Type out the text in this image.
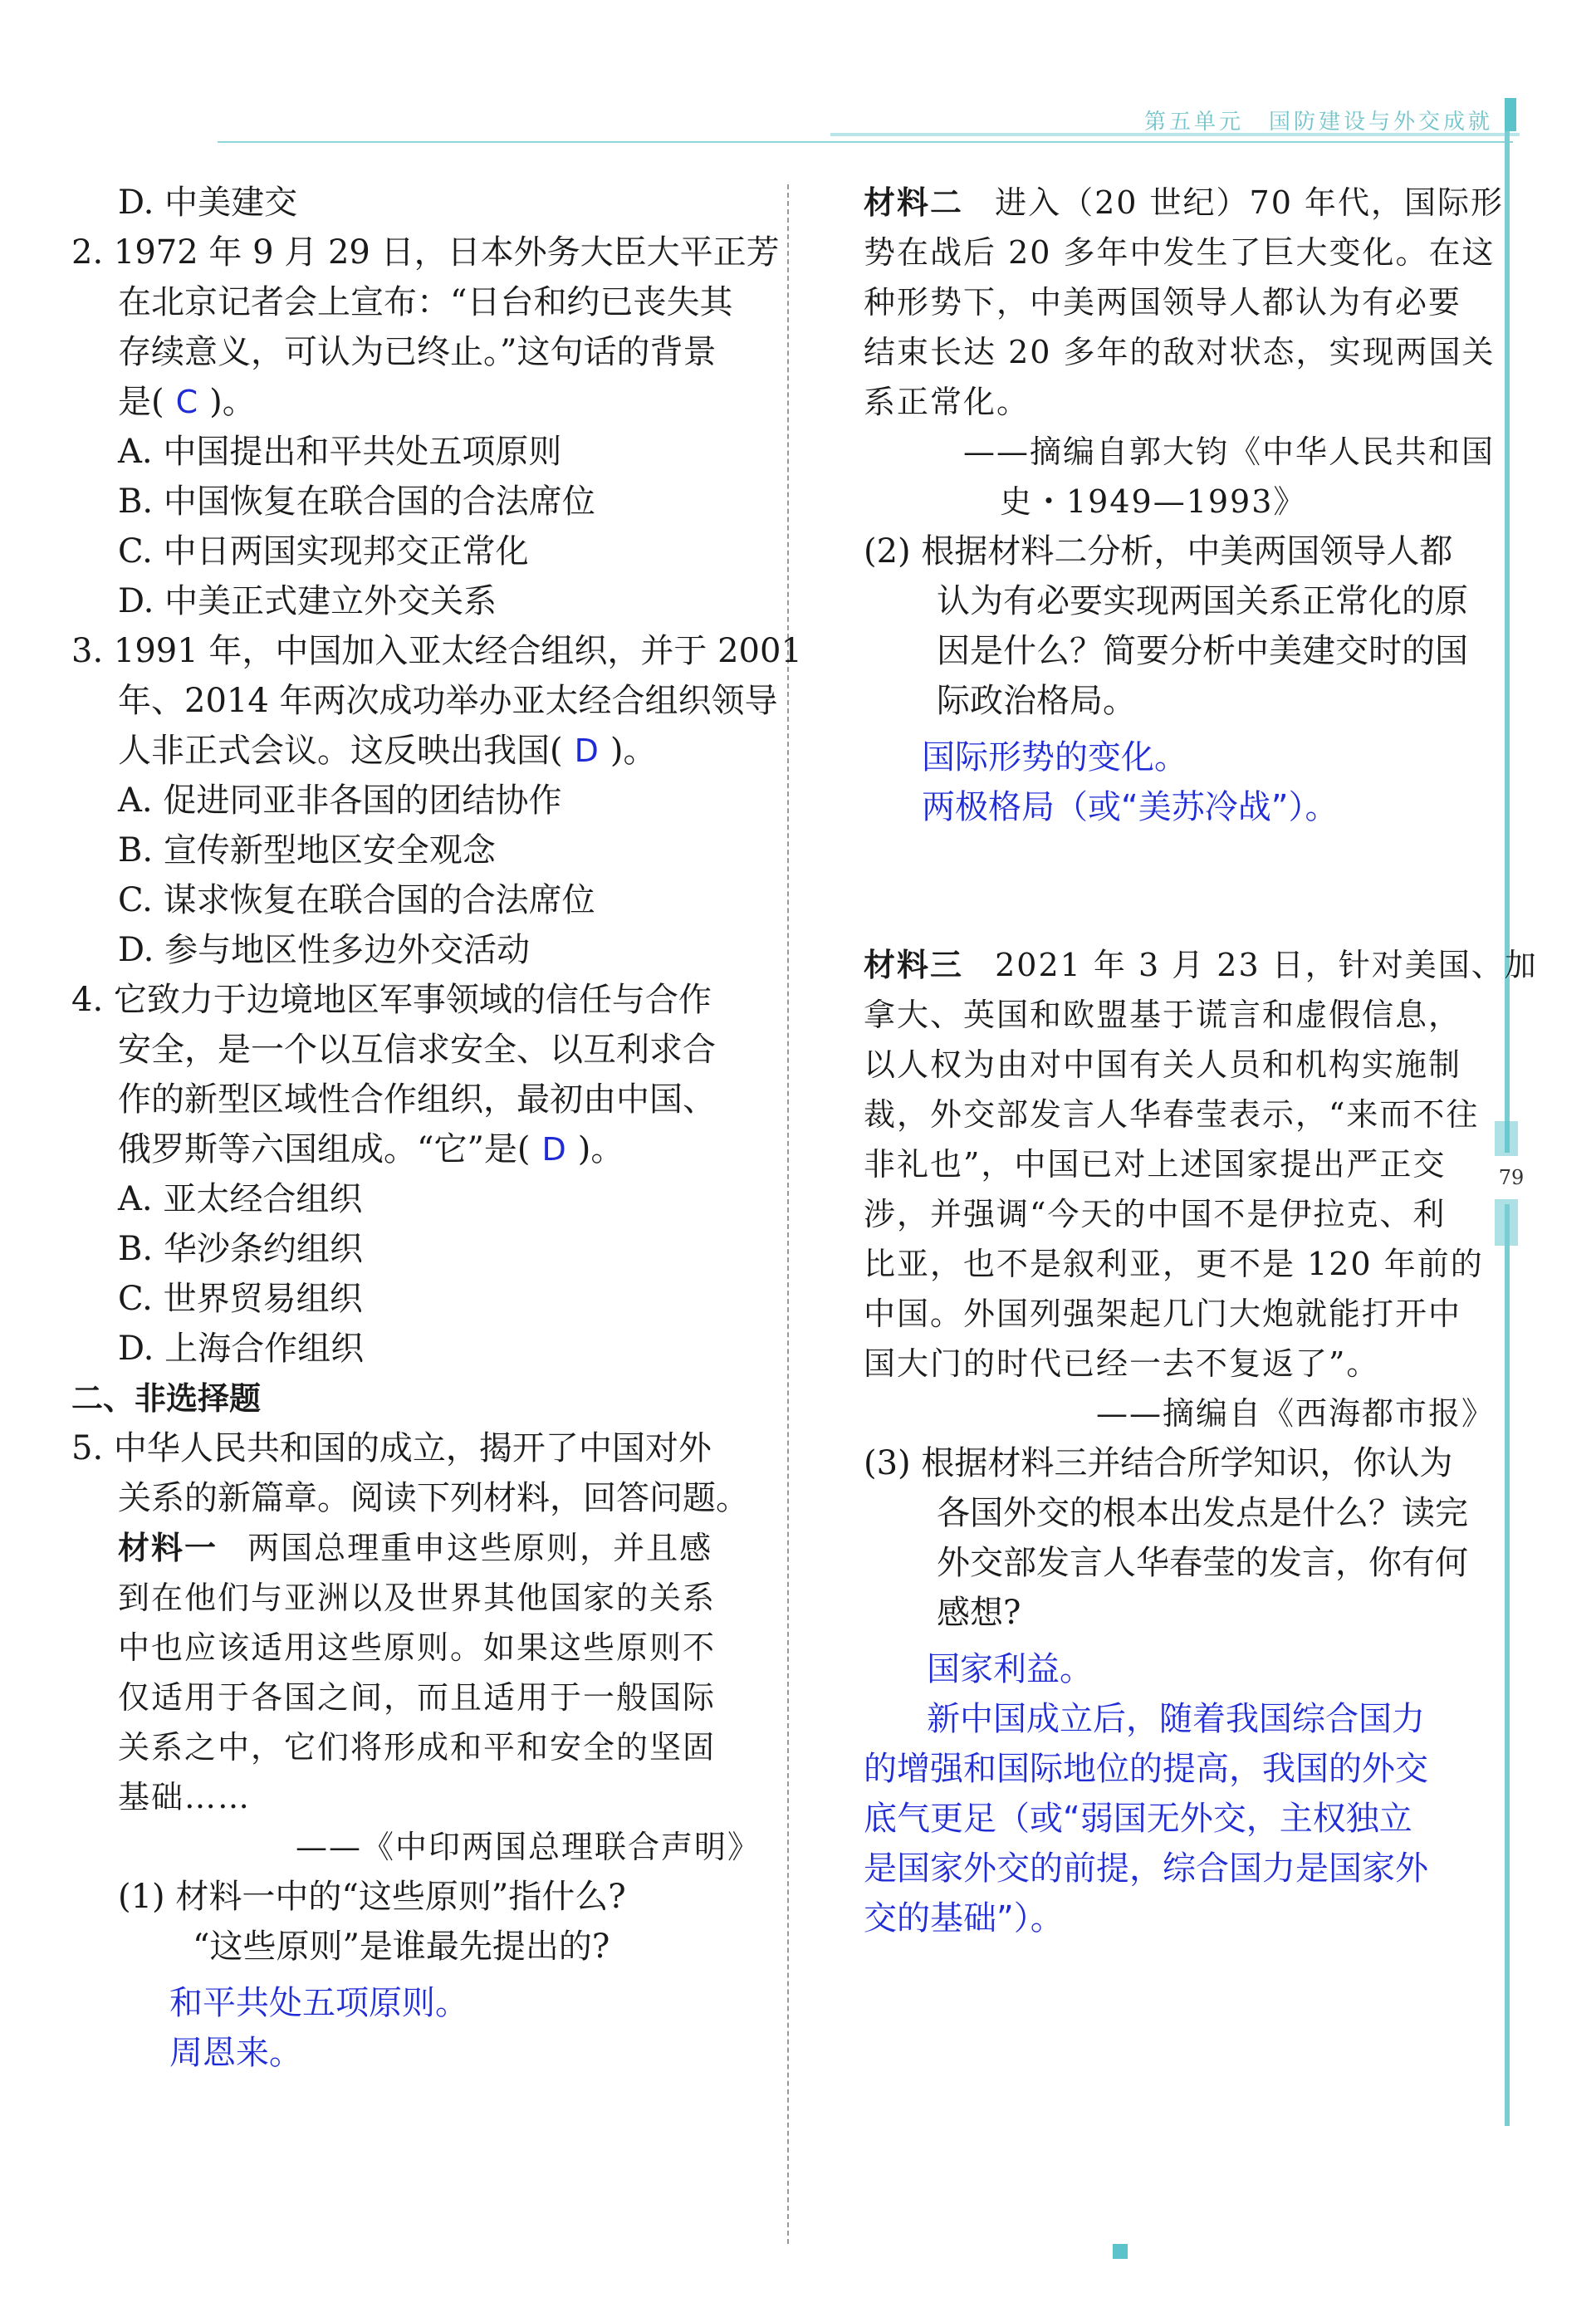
第五单元　国防建设与外交成就
79
D. 中美建交
2. 1972 年 9 月 29 日，日本外务大臣大平正芳
在北京记者会上宣布：“日台和约已丧失其
存续意义，可认为已终止。”这句话的背景
是( C )。
A. 中国提出和平共处五项原则
B. 中国恢复在联合国的合法席位
C. 中日两国实现邦交正常化
D. 中美正式建立外交关系
3. 1991 年，中国加入亚太经合组织，并于 2001
年、2014 年两次成功举办亚太经合组织领导
人非正式会议。这反映出我国( D )。
A. 促进同亚非各国的团结协作
B. 宣传新型地区安全观念
C. 谋求恢复在联合国的合法席位
D. 参与地区性多边外交活动
4. 它致力于边境地区军事领域的信任与合作
安全，是一个以互信求安全、以互利求合
作的新型区域性合作组织，最初由中国、
俄罗斯等六国组成。“它”是( D )。
A. 亚太经合组织
B. 华沙条约组织
C. 世界贸易组织
D. 上海合作组织
二、非选择题
5. 中华人民共和国的成立，揭开了中国对外
关系的新篇章。阅读下列材料，回答问题。
材料一 两国总理重申这些原则，并且感
到在他们与亚洲以及世界其他国家的关系
中也应该适用这些原则。如果这些原则不
仅适用于各国之间，而且适用于一般国际
关系之中，它们将形成和平和安全的坚固
基础……
——《中印两国总理联合声明》
(1) 材料一中的“这些原则”指什么?
“这些原则”是谁最先提出的?
和平共处五项原则。
周恩来。
材料二 进入（20 世纪）70 年代，国际形
势在战后 20 多年中发生了巨大变化。在这
种形势下，中美两国领导人都认为有必要
结束长达 20 多年的敌对状态，实现两国关
系正常化。
——摘编自郭大钧《中华人民共和国
史・1949—1993》
(2) 根据材料二分析，中美两国领导人都
认为有必要实现两国关系正常化的原
因是什么？简要分析中美建交时的国
际政治格局。
国际形势的变化。
两极格局（或“美苏冷战”）。
材料三 2021 年 3 月 23 日，针对美国、加
拿大、英国和欧盟基于谎言和虚假信息，
以人权为由对中国有关人员和机构实施制
裁，外交部发言人华春莹表示，“来而不往
非礼也”，中国已对上述国家提出严正交
涉，并强调“今天的中国不是伊拉克、利
比亚，也不是叙利亚，更不是 120 年前的
中国。外国列强架起几门大炮就能打开中
国大门的时代已经一去不复返了”。
——摘编自《西海都市报》
(3) 根据材料三并结合所学知识，你认为
各国外交的根本出发点是什么？读完
外交部发言人华春莹的发言，你有何
感想?
国家利益。
新中国成立后，随着我国综合国力
的增强和国际地位的提高，我国的外交
底气更足（或“弱国无外交，主权独立
是国家外交的前提，综合国力是国家外
交的基础”）。
